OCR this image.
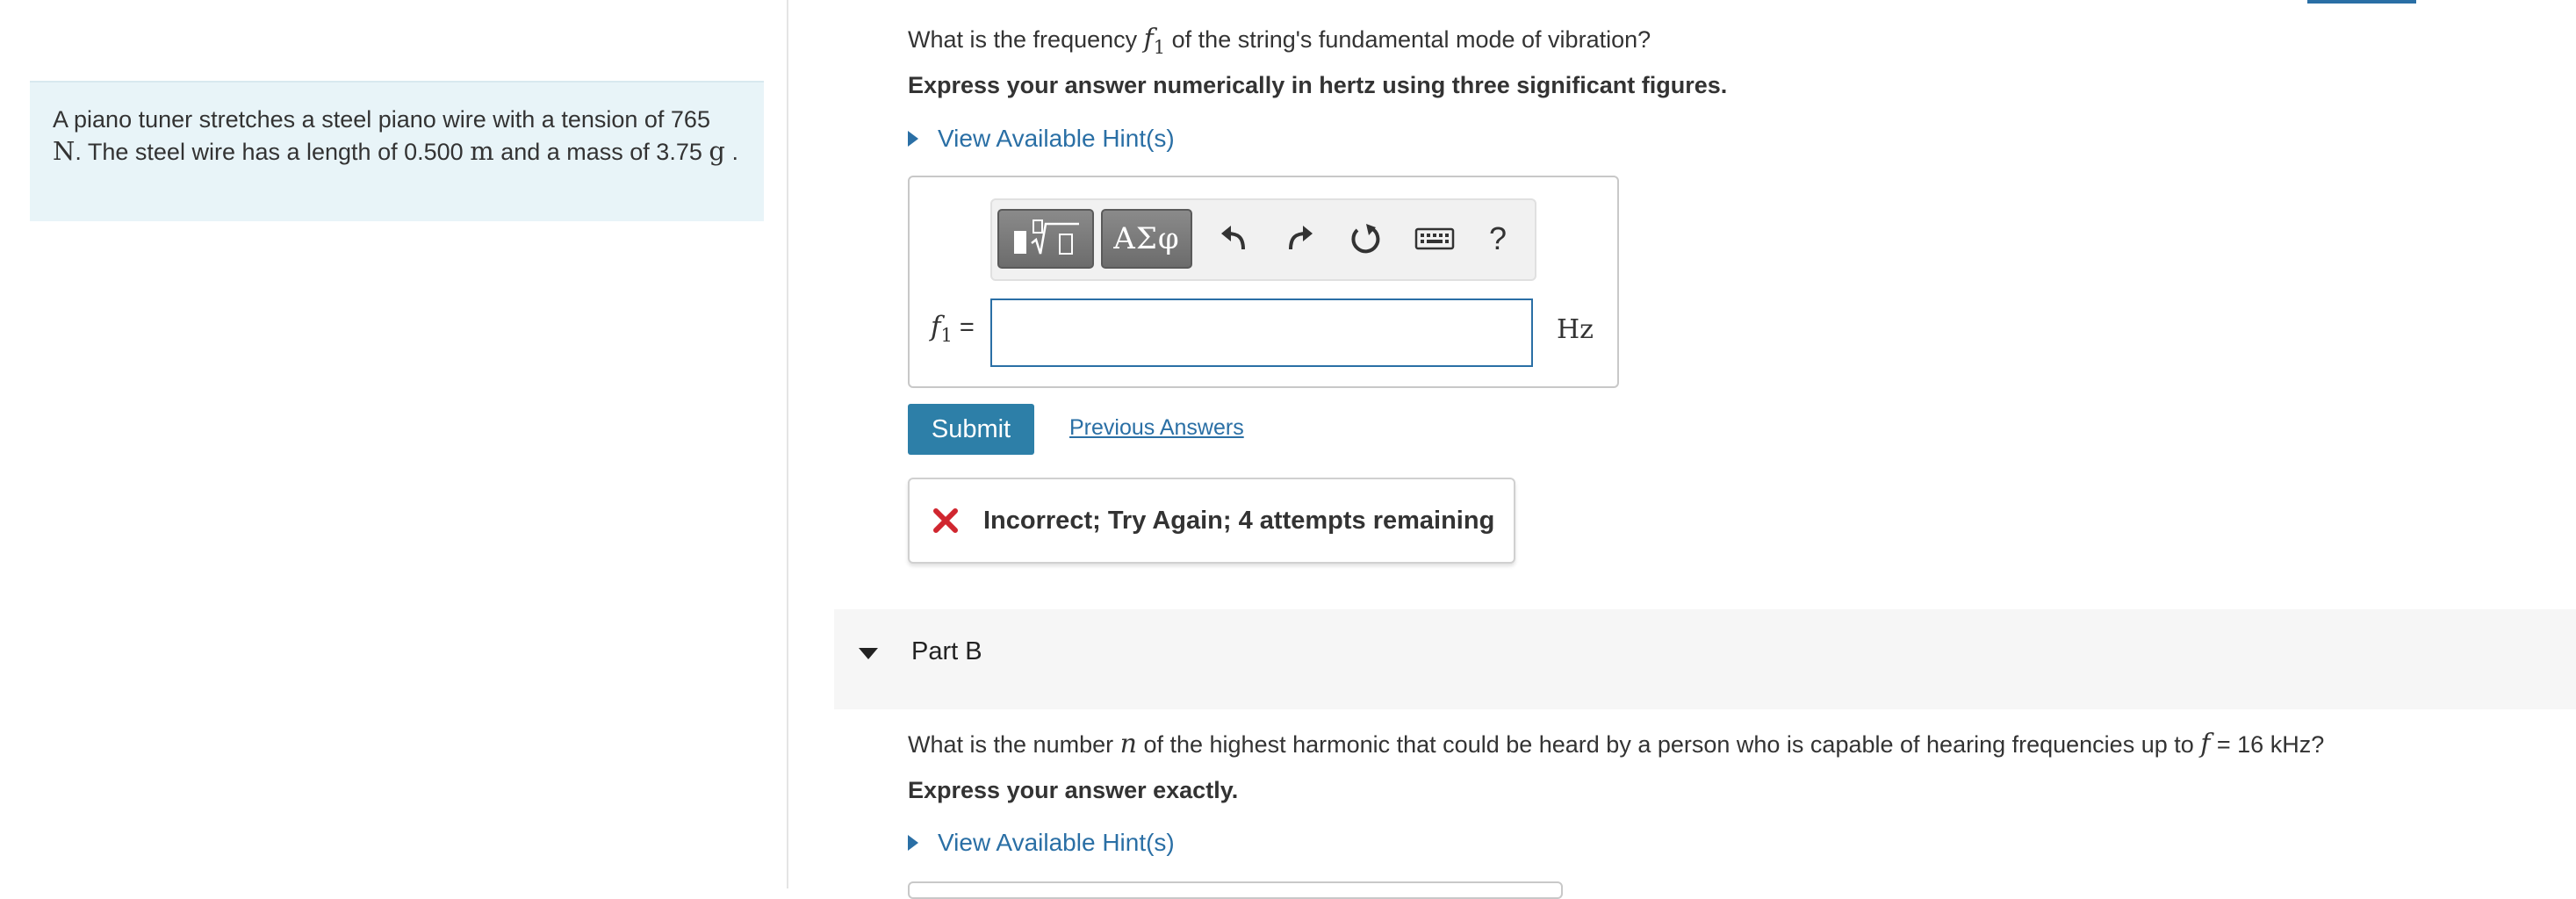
A piano tuner stretches a steel piano wire with a tension of 765 N. The steel wire has a length of 0.500 m and a mass of 3.75 g .
What is the frequency $f_1$ of the string's fundamental mode of vibration?
Express your answer numerically in hertz using three significant figures.
View Available Hint(s)
ΑΣφ	?
$f_1$ =	Hz
Submit	Previous Answers
Incorrect; Try Again; 4 attempts remaining
Part B
What is the number n of the highest harmonic that could be heard by a person who is capable of hearing frequencies up to f = 16 kHz?
Express your answer exactly.
View Available Hint(s)
